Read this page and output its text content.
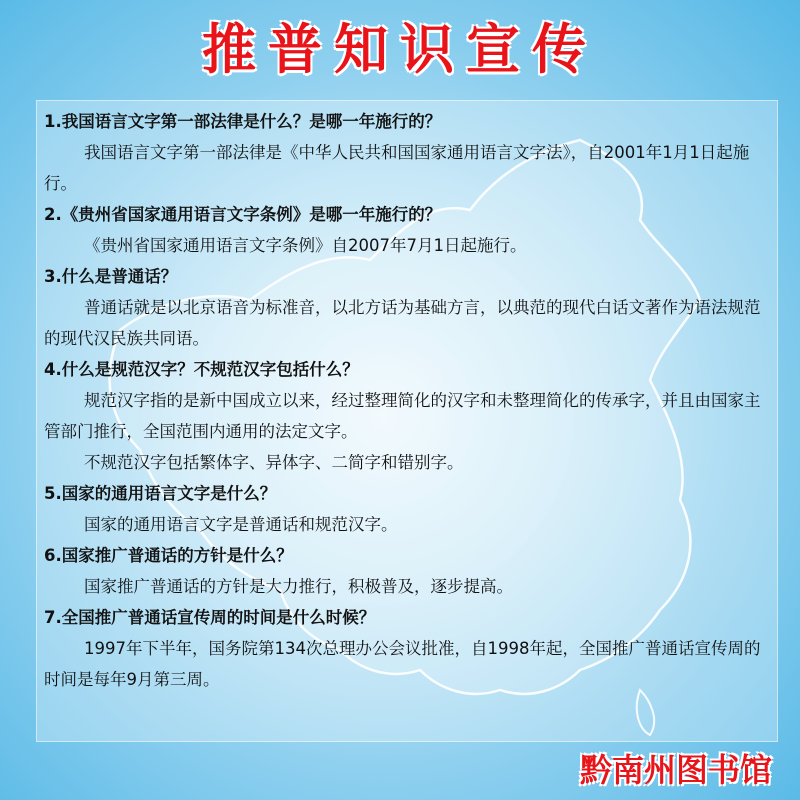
推普知识宣传

1.我国语言文字第一部法律是什么？是哪一年施行的？

我国语言文字第一部法律是《中华人民共和国国家通用语言文字法》，自2001年1月1日起施行。

2.《贵州省国家通用语言文字条例》是哪一年施行的？

《贵州省国家通用语言文字条例》自2007年7月1日起施行。

3.什么是普通话？

普通话就是以北京语音为标准音，以北方话为基础方言，以典范的现代白话文著作为语法规范的现代汉民族共同语。

4.什么是规范汉字？不规范汉字包括什么？

规范汉字指的是新中国成立以来，经过整理简化的汉字和未整理简化的传承字，并且由国家主管部门推行，全国范围内通用的法定文字。

不规范汉字包括繁体字、异体字、二简字和错别字。

5.国家的通用语言文字是什么？

国家的通用语言文字是普通话和规范汉字。

6.国家推广普通话的方针是什么？

国家推广普通话的方针是大力推行，积极普及，逐步提高。

7.全国推广普通话宣传周的时间是什么时候？

1997年下半年，国务院第134次总理办公会议批准，自1998年起，全国推广普通话宣传周的时间是每年9月第三周。

黔南州图书馆
